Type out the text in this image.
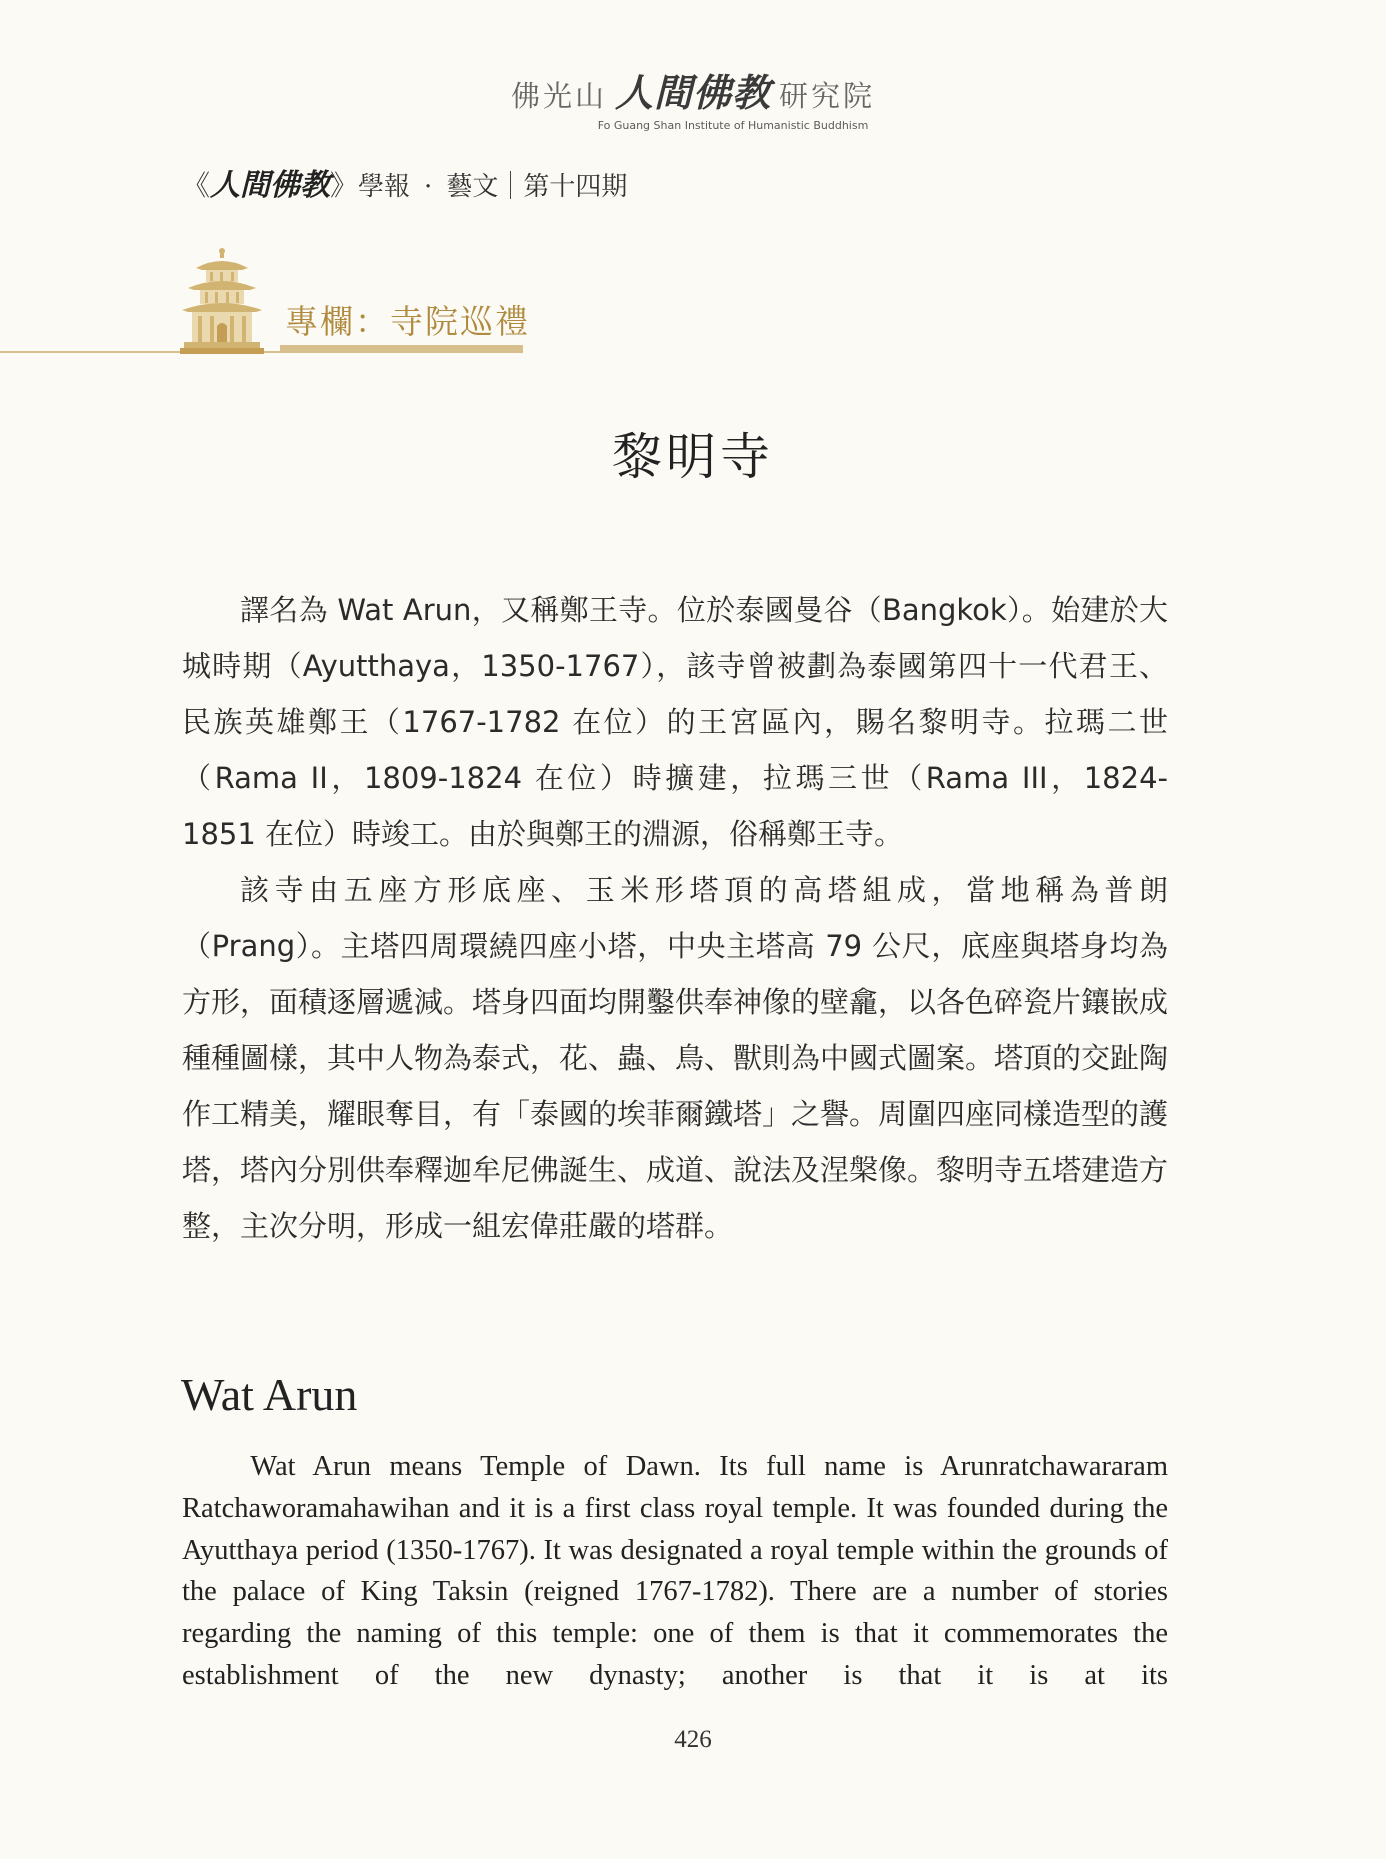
佛光山 人間佛教 研究院
Fo Guang Shan Institute of Humanistic Buddhism
《 人間佛教 》 學報 · 藝文 第十四期
專欄：寺院巡禮
黎明寺

譯名為 Wat Arun，又稱鄭王寺。位於泰國曼谷（Bangkok）。始建於大城時期（Ayutthaya，1350-1767），該寺曾被劃為泰國第四十一代君王、民族英雄鄭王（1767-1782 在位）的王宮區內，賜名黎明寺。拉瑪二世（Rama II，1809-1824 在位）時擴建，拉瑪三世（Rama III，1824-1851 在位）時竣工。由於與鄭王的淵源，俗稱鄭王寺。

該寺由五座方形底座、玉米形塔頂的高塔組成，當地稱為普朗（Prang）。主塔四周環繞四座小塔，中央主塔高 79 公尺，底座與塔身均為方形，面積逐層遞減。塔身四面均開鑿供奉神像的壁龕，以各色碎瓷片鑲嵌成種種圖樣，其中人物為泰式，花、蟲、鳥、獸則為中國式圖案。塔頂的交趾陶作工精美，耀眼奪目，有「泰國的埃菲爾鐵塔」之譽。周圍四座同樣造型的護塔，塔內分別供奉釋迦牟尼佛誕生、成道、說法及涅槃像。黎明寺五塔建造方整，主次分明，形成一組宏偉莊嚴的塔群。

Wat Arun

Wat Arun means Temple of Dawn. Its full name is Arunratchawararam Ratchaworamahawihan and it is a first class royal temple. It was founded during the Ayutthaya period (1350-1767). It was designated a royal temple within the grounds of the palace of King Taksin (reigned 1767-1782). There are a number of stories regarding the naming of this temple: one of them is that it commemorates the establishment of the new dynasty; another is that it is at its

426
